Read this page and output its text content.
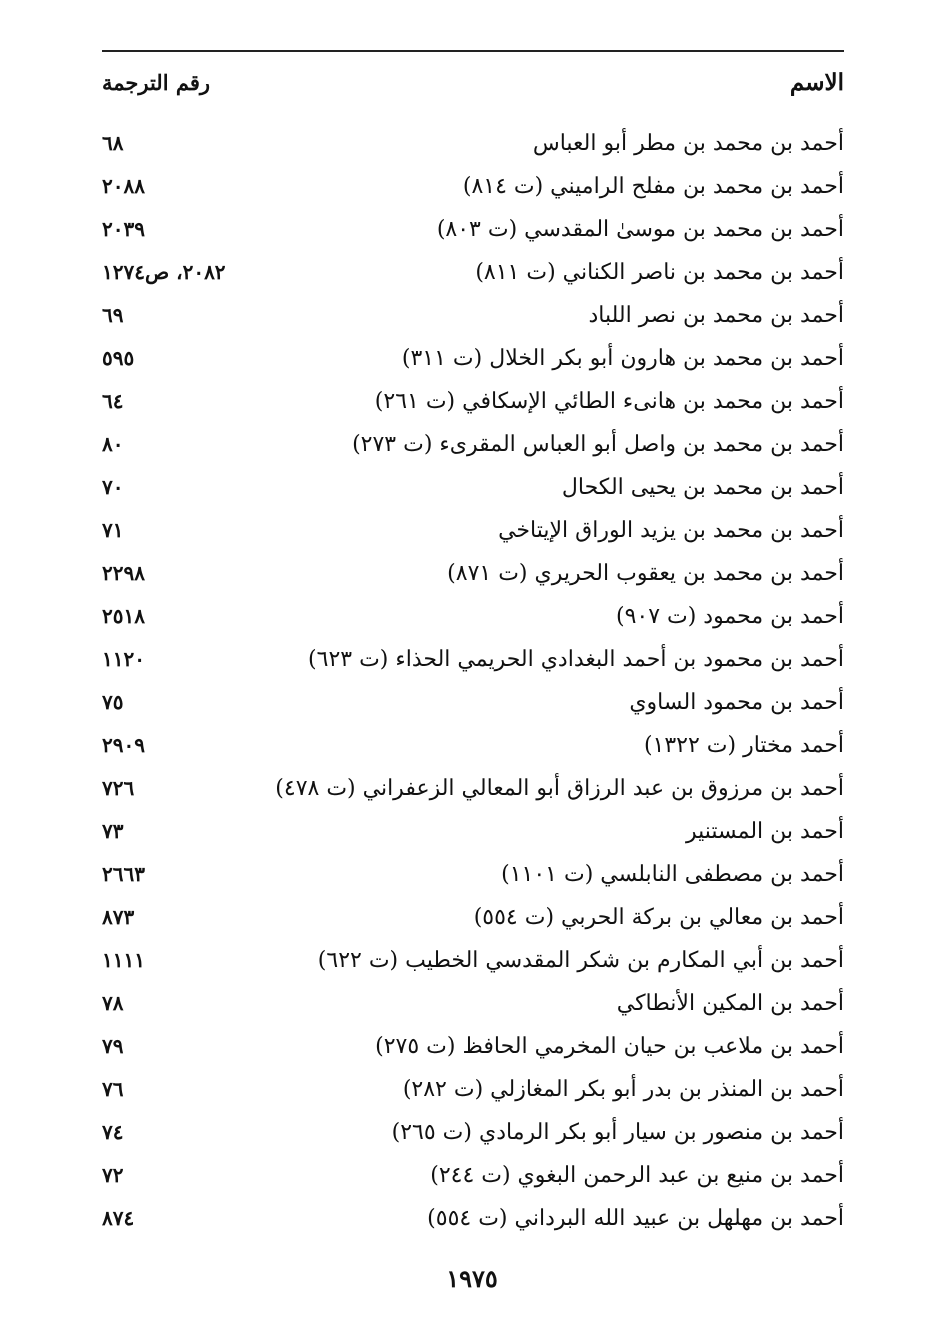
الاسم
رقم الترجمة
أحمد بن محمد بن مطر أبو العباس
٦٨
أحمد بن محمد بن مفلح الراميني (ت ٨١٤)
٢٠٨٨
أحمد بن محمد بن موسىٰ المقدسي (ت ٨٠٣)
٢٠٣٩
أحمد بن محمد بن ناصر الكناني (ت ٨١١)
٢٠٨٢، ص١٢٧٤
أحمد بن محمد بن نصر اللباد
٦٩
أحمد بن محمد بن هارون أبو بكر الخلال (ت ٣١١)
٥٩٥
أحمد بن محمد بن هانىء الطائي الإسكافي (ت ٢٦١)
٦٤
أحمد بن محمد بن واصل أبو العباس المقرىء (ت ٢٧٣)
٨٠
أحمد بن محمد بن يحيى الكحال
٧٠
أحمد بن محمد بن يزيد الوراق الإيتاخي
٧١
أحمد بن محمد بن يعقوب الحريري (ت ٨٧١)
٢٢٩٨
أحمد بن محمود (ت ٩٠٧)
٢٥١٨
أحمد بن محمود بن أحمد البغدادي الحريمي الحذاء (ت ٦٢٣)
١١٢٠
أحمد بن محمود الساوي
٧٥
أحمد مختار (ت ١٣٢٢)
٢٩٠٩
أحمد بن مرزوق بن عبد الرزاق أبو المعالي الزعفراني (ت ٤٧٨)
٧٢٦
أحمد بن المستنير
٧٣
أحمد بن مصطفى النابلسي (ت ١١٠١)
٢٦٦٣
أحمد بن معالي بن بركة الحربي (ت ٥٥٤)
٨٧٣
أحمد بن أبي المكارم بن شكر المقدسي الخطيب (ت ٦٢٢)
١١١١
أحمد بن المكين الأنطاكي
٧٨
أحمد بن ملاعب بن حيان المخرمي الحافظ (ت ٢٧٥)
٧٩
أحمد بن المنذر بن بدر أبو بكر المغازلي (ت ٢٨٢)
٧٦
أحمد بن منصور بن سيار أبو بكر الرمادي (ت ٢٦٥)
٧٤
أحمد بن منيع بن عبد الرحمن البغوي (ت ٢٤٤)
٧٢
أحمد بن مهلهل بن عبيد الله البرداني (ت ٥٥٤)
٨٧٤
١٩٧٥
